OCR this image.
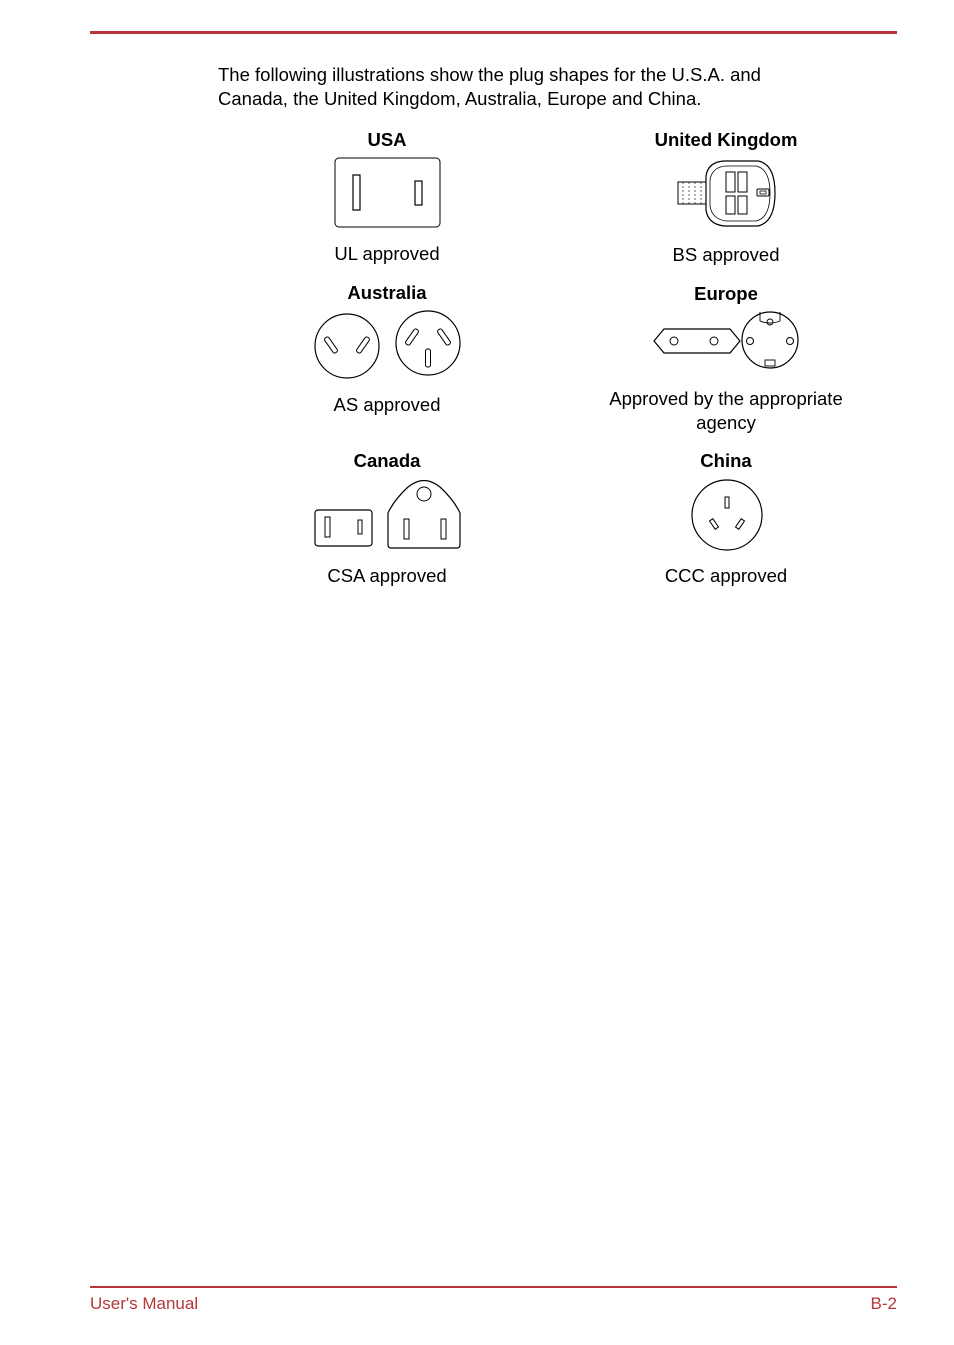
The following illustrations show the plug shapes for the U.S.A. and
Canada, the United Kingdom, Australia, Europe and China.
USA
UL approved
United Kingdom
BS approved
Australia
AS approved
Europe
Approved by the appropriate
agency
Canada
CSA approved
China
CCC approved
User's Manual	B-2
